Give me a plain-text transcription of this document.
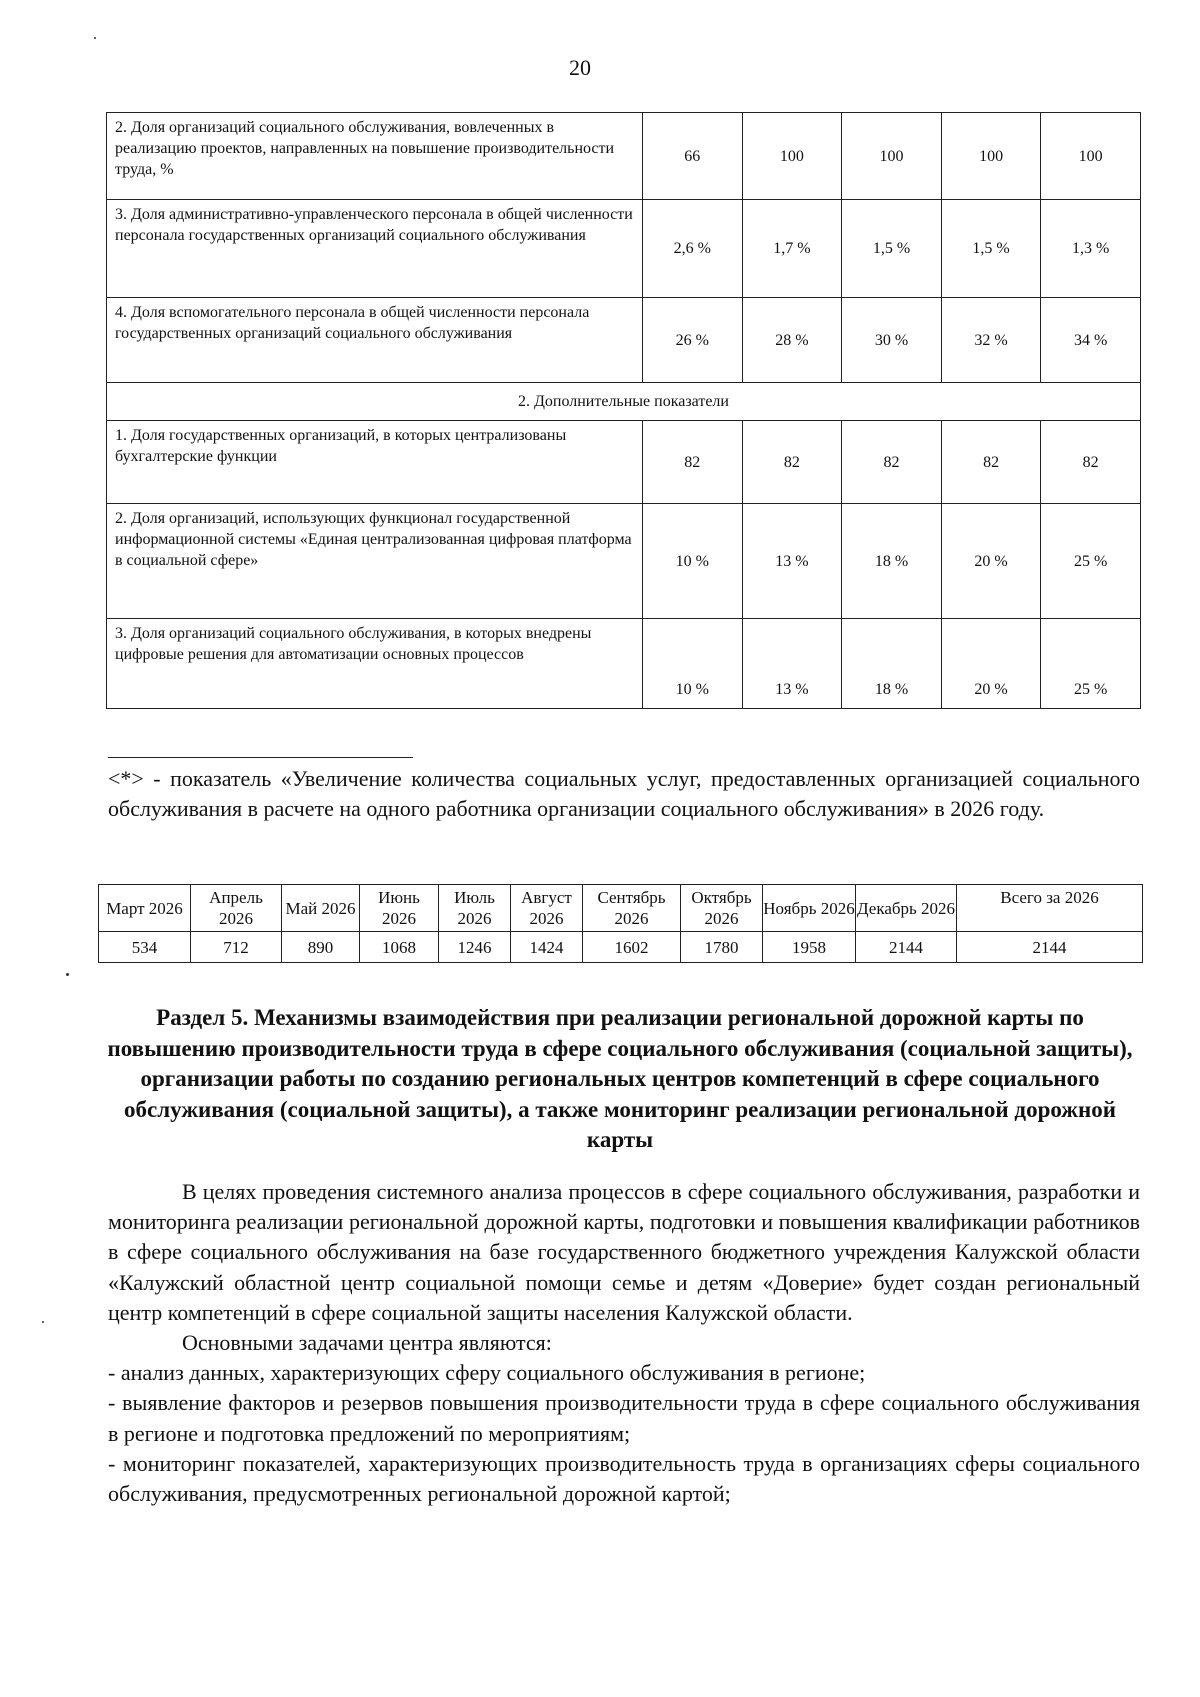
20
2. Доля организаций социального обслуживания, вовлеченных в реализацию проектов, направленных на повышение производительности труда, %	66	100	100	100	100
3. Доля административно-управленческого персонала в общей численности персонала государственных организаций социального обслуживания	2,6 %	1,7 %	1,5 %	1,5 %	1,3 %
4. Доля вспомогательного персонала в общей численности персонала государственных организаций социального обслуживания	26 %	28 %	30 %	32 %	34 %
2. Дополнительные показатели					
1. Доля государственных организаций, в которых централизованы бухгалтерские функции	82	82	82	82	82
2. Доля организаций, использующих функционал государственной информационной системы «Единая централизованная цифровая платформа в социальной сфере»	10 %	13 %	18 %	20 %	25 %
3. Доля организаций социального обслуживания, в которых внедрены цифровые решения для автоматизации основных процессов	10 %	13 %	18 %	20 %	25 %
<*> - показатель «Увеличение количества социальных услуг, предоставленных организацией социального обслуживания в расчете на одного работника организации социального обслуживания» в 2026 году.
Март 2026	Апрель 2026	Май 2026	Июнь 2026	Июль 2026	Август 2026	Сентябрь 2026	Октябрь 2026	Ноябрь 2026	Декабрь 2026	Всего за 2026
534	712	890	1068	1246	1424	1602	1780	1958	2144	2144
Раздел 5. Механизмы взаимодействия при реализации региональной дорожной карты по повышению производительности труда в сфере социального обслуживания (социальной защиты), организации работы по созданию региональных центров компетенций в сфере социального обслуживания (социальной защиты), а также мониторинг реализации региональной дорожной карты

В целях проведения системного анализа процессов в сфере социального обслуживания, разработки и мониторинга реализации региональной дорожной карты, подготовки и повышения квалификации работников в сфере социального обслуживания на базе государственного бюджетного учреждения Калужской области «Калужский областной центр социальной помощи семье и детям «Доверие» будет создан региональный центр компетенций в сфере социальной защиты населения Калужской области.

Основными задачами центра являются:

- анализ данных, характеризующих сферу социального обслуживания в регионе;

- выявление факторов и резервов повышения производительности труда в сфере социального обслуживания в регионе и подготовка предложений по мероприятиям;

- мониторинг показателей, характеризующих производительность труда в организациях сферы социального обслуживания, предусмотренных региональной дорожной картой;
